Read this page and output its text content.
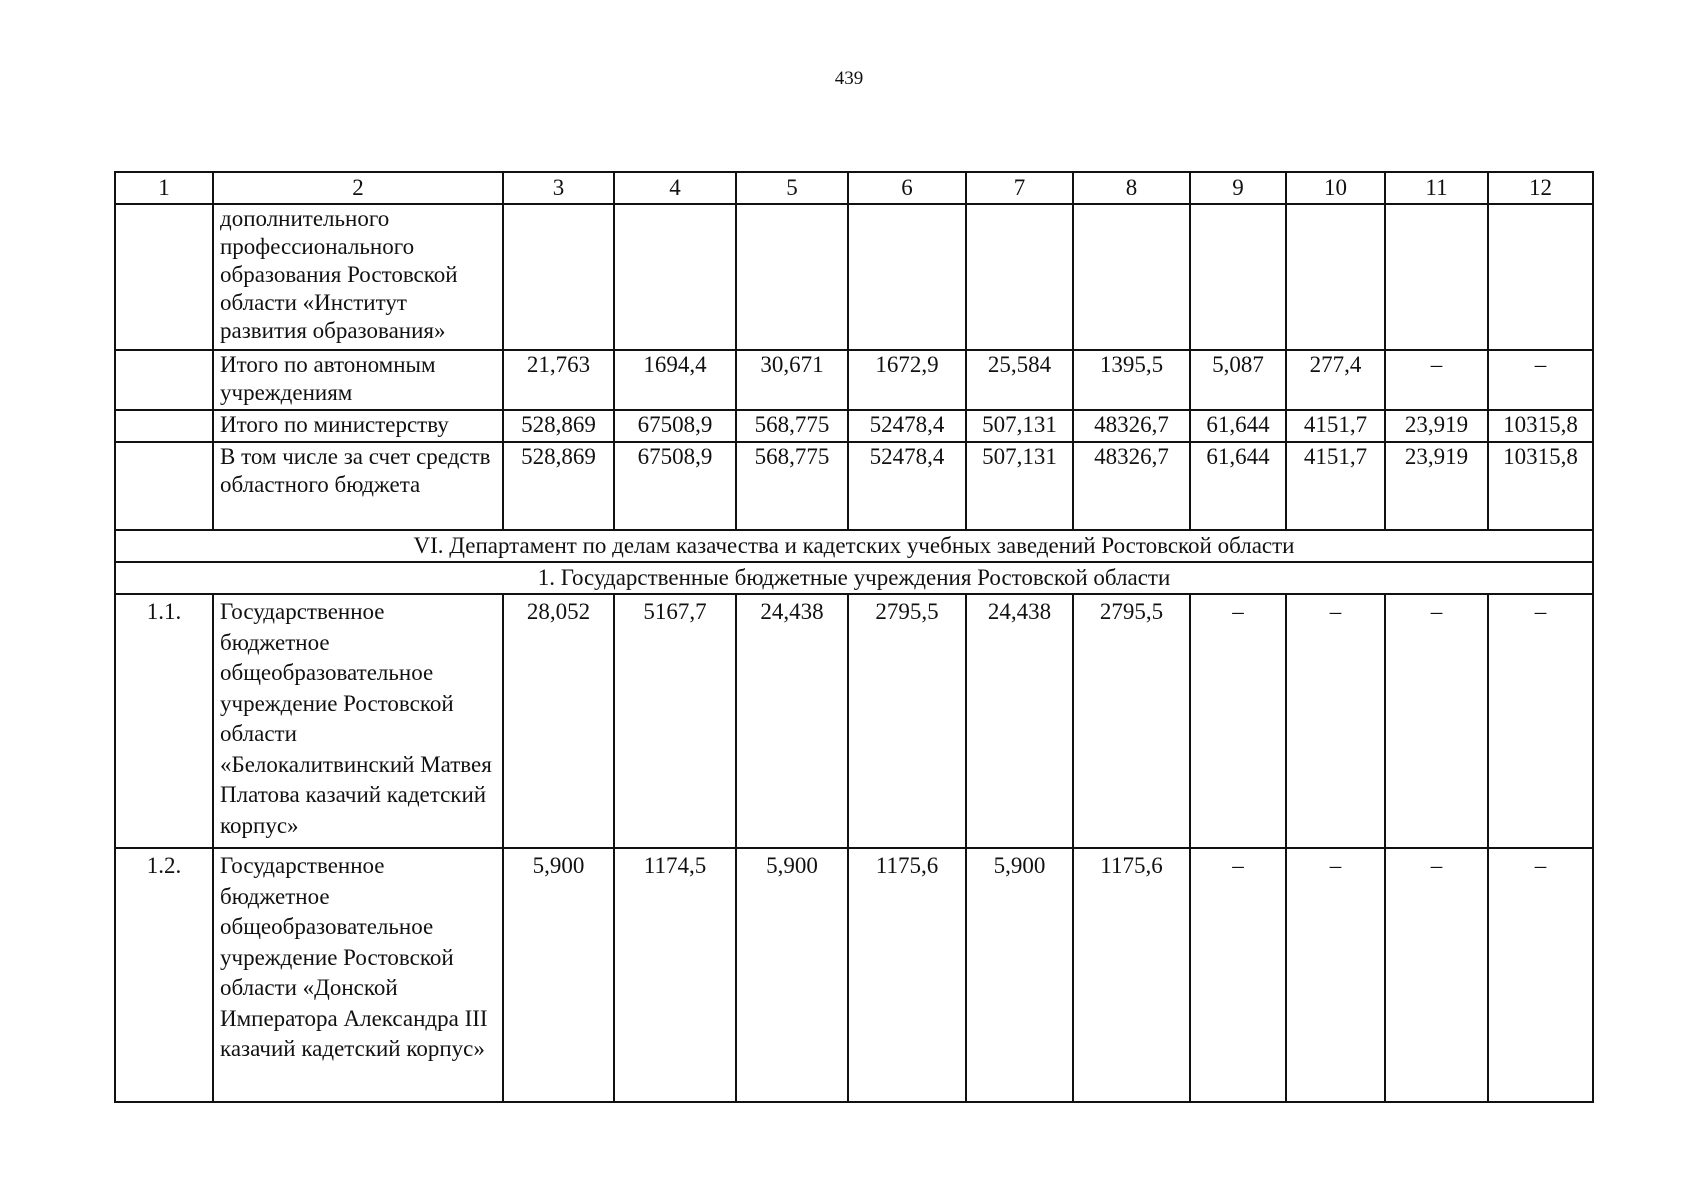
439
1	2	3	4	5	6	7	8	9	10	11	12
	дополнительного профессионального образования Ростовской области «Институт развития образования»										
	Итого по автономным учреждениям	21,763	1694,4	30,671	1672,9	25,584	1395,5	5,087	277,4	–	–
	Итого по министерству	528,869	67508,9	568,775	52478,4	507,131	48326,7	61,644	4151,7	23,919	10315,8
	В том числе за счет средств областного бюджета	528,869	67508,9	568,775	52478,4	507,131	48326,7	61,644	4151,7	23,919	10315,8
VI. Департамент по делам казачества и кадетских учебных заведений Ростовской области											
1. Государственные бюджетные учреждения Ростовской области											
1.1.	Государственное бюджетное общеобразовательное учреждение Ростовской области «Белокалитвинский Матвея Платова казачий кадетский корпус»	28,052	5167,7	24,438	2795,5	24,438	2795,5	–	–	–	–
1.2.	Государственное бюджетное общеобразовательное учреждение Ростовской области «Донской Императора Александра III казачий кадетский корпус»	5,900	1174,5	5,900	1175,6	5,900	1175,6	–	–	–	–
